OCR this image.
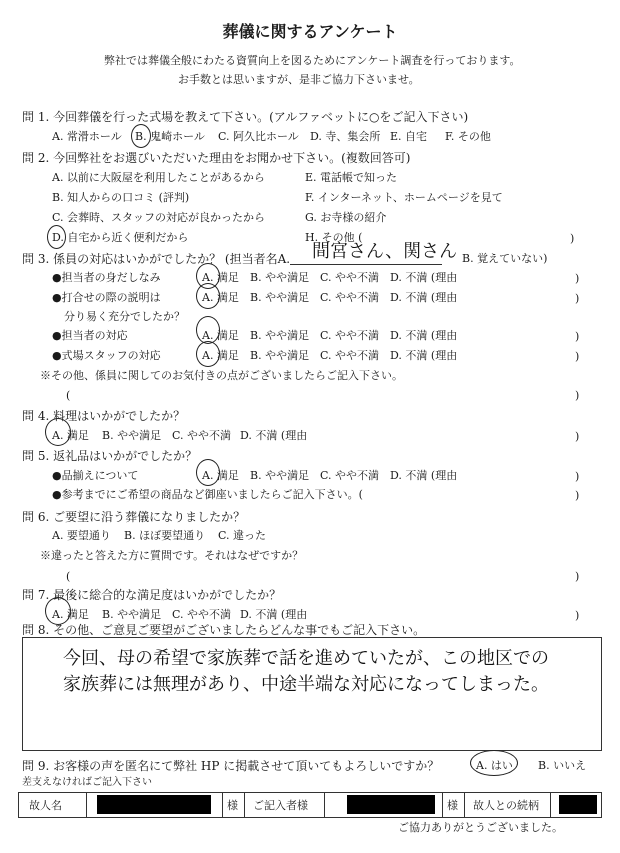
葬儀に関するアンケート
弊社では葬儀全般にわたる資質向上を図るためにアンケート調査を行っております。
お手数とは思いますが、是非ご協力下さいませ。
問 1. 今回葬儀を行った式場を教えて下さい。(アルファベットに○をご記入下さい)
A. 常滑ホール B. 鬼崎ホール C. 阿久比ホール D. 寺、集会所 E. 自宅 F. その他
問 2. 今回弊社をお選びいただいた理由をお聞かせ下さい。(複数回答可)
A. 以前に大阪屋を利用したことがあるから
B. 知人からの口コミ (評判)
C. 会葬時、スタッフの対応が良かったから
D. 自宅から近く便利だから
E. 電話帳で知った
F. インターネット、ホームページを見て
G. お寺様の紹介
H. その他 (	)
問 3. 係員の対応はいかがでしたか？ (担当者名A. 間宮さん、関さん B. 覚えていない)
●担当者の身だしなみ	A. 満足 B. やや満足 C. やや不満 D. 不満 (理由	)
●打合せの際の説明は	A. 満足 B. やや満足 C. やや不満 D. 不満 (理由	)
分り易く充分でしたか？
●担当者の対応	A. 満足 B. やや満足 C. やや不満 D. 不満 (理由	)
●式場スタッフの対応	A. 満足 B. やや満足 C. やや不満 D. 不満 (理由	)
※その他、係員に関してのお気付きの点がございましたらご記入下さい。
(	)
問 4. 料理はいかがでしたか？
A. 満足 B. やや満足 C. やや不満 D. 不満 (理由	)
問 5. 返礼品はいかがでしたか？
●品揃えについて	A. 満足 B. やや満足 C. やや不満 D. 不満 (理由	)
●参考までにご希望の商品など御座いましたらご記入下さい。(	)
問 6. ご要望に沿う葬儀になりましたか？
A. 要望通り B. ほぼ要望通り C. 違った
※違ったと答えた方に質問です。それはなぜですか？
(	)
問 7. 最後に総合的な満足度はいかがでしたか？
A. 満足 B. やや満足 C. やや不満 D. 不満 (理由	)
問 8. その他、ご意見ご要望がございましたらどんな事でもご記入下さい。
今回、母の希望で家族葬で話を進めていたが、この地区での
家族葬には無理があり、中途半端な対応になってしまった。
問 9. お客様の声を匿名にて弊社 HP に掲載させて頂いてもよろしいですか？	A. はい B. いいえ
差支えなければご記入下さい
故人名	様 ご記入者様	様 故人との続柄
ご協力ありがとうございました。
